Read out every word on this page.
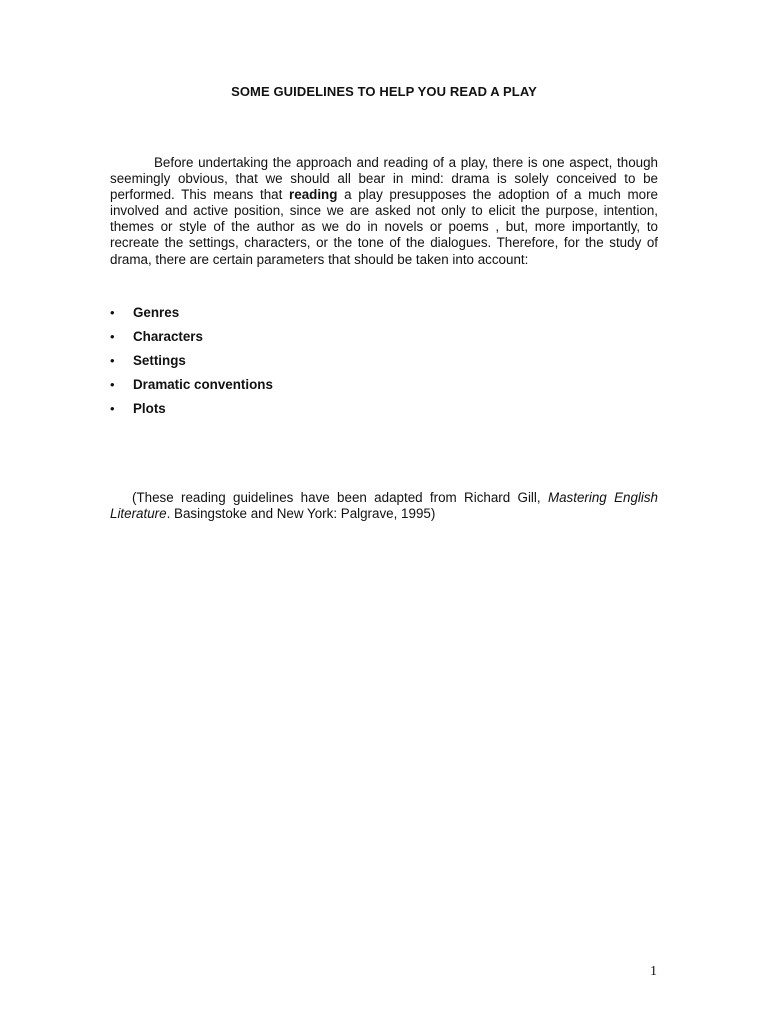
SOME GUIDELINES TO HELP YOU READ A PLAY

Before undertaking the approach and reading of a play, there is one aspect, though seemingly obvious, that we should all bear in mind: drama is solely conceived to be performed. This means that reading a play presupposes the adoption of a much more involved and active position, since we are asked not only to elicit the purpose, intention, themes or style of the author as we do in novels or poems , but, more importantly, to recreate the settings, characters, or the tone of the dialogues. Therefore, for the study of drama, there are certain parameters that should be taken into account:

•	Genres
•	Characters
•	Settings
•	Dramatic conventions
•	Plots

(These reading guidelines have been adapted from Richard Gill, Mastering English Literature. Basingstoke and New York: Palgrave, 1995)

1
